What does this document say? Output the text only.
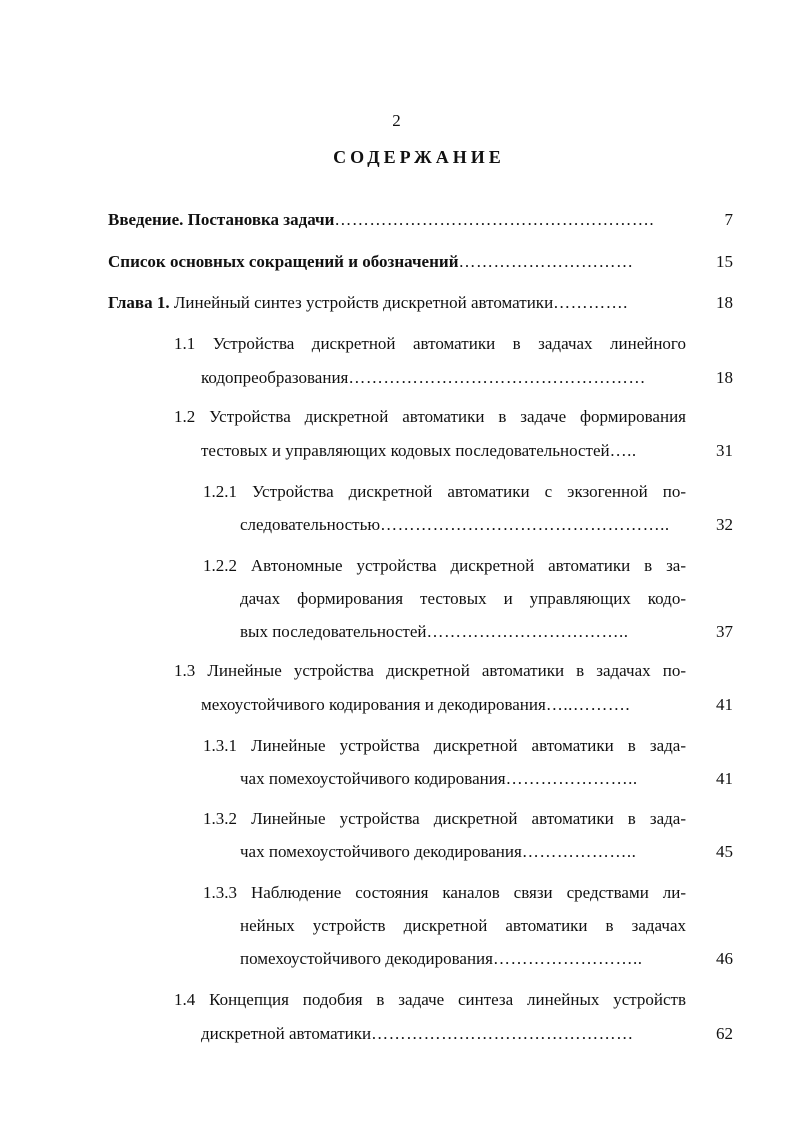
2
СОДЕРЖАНИЕ
Введение. Постановка задачи……………………………………………….	7
Список основных сокращений и обозначений…………………………	15
Глава 1. Линейный синтез устройств дискретной автоматики………….	18
1.1 Устройства дискретной автоматики в задачах линейного
кодопреобразования……………………………………………	18
1.2 Устройства дискретной автоматики в задаче формирования
тестовых и управляющих кодовых последовательностей…..	31
1.2.1 Устройства дискретной автоматики с экзогенной по-
следовательностью…………………………………………..	32
1.2.2 Автономные устройства дискретной автоматики в за-
дачах формирования тестовых и управляющих кодо-
вых последовательностей……………………………..	37
1.3 Линейные устройства дискретной автоматики в задачах по-
мехоустойчивого кодирования и декодирования…..……….	41
1.3.1 Линейные устройства дискретной автоматики в зада-
чах помехоустойчивого кодирования…………………..	41
1.3.2 Линейные устройства дискретной автоматики в зада-
чах помехоустойчивого декодирования………………..	45
1.3.3 Наблюдение состояния каналов связи средствами ли-
нейных устройств дискретной автоматики в задачах
помехоустойчивого декодирования……………………..	46
1.4 Концепция подобия в задаче синтеза линейных устройств
дискретной автоматики………………………………………	62
